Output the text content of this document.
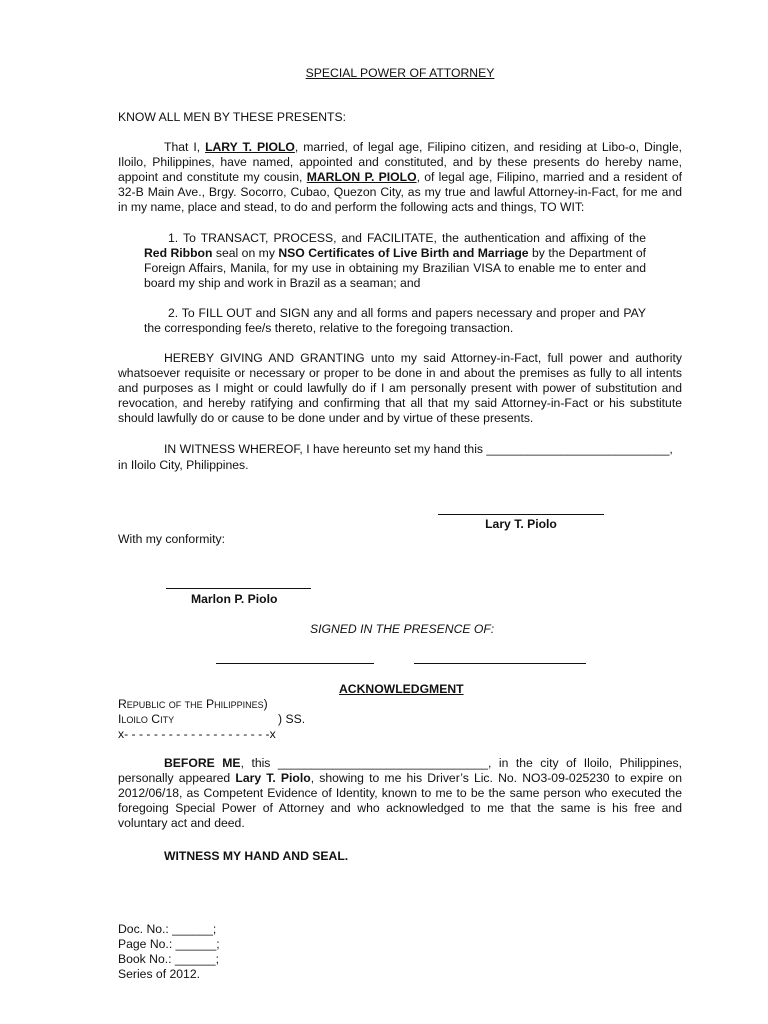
SPECIAL POWER OF ATTORNEY
KNOW ALL MEN BY THESE PRESENTS:

That I, LARY T. PIOLO, married, of legal age, Filipino citizen, and residing at Libo-o, Dingle, Iloilo, Philippines, have named, appointed and constituted, and by these presents do hereby name, appoint and constitute my cousin, MARLON P. PIOLO, of legal age, Filipino, married and a resident of 32-B Main Ave., Brgy. Socorro, Cubao, Quezon City, as my true and lawful Attorney-in-Fact, for me and in my name, place and stead, to do and perform the following acts and things, TO WIT:

1. To TRANSACT, PROCESS, and FACILITATE, the authentication and affixing of the Red Ribbon seal on my NSO Certificates of Live Birth and Marriage by the Department of Foreign Affairs, Manila, for my use in obtaining my Brazilian VISA to enable me to enter and board my ship and work in Brazil as a seaman; and

2. To FILL OUT and SIGN any and all forms and papers necessary and proper and PAY the corresponding fee/s thereto, relative to the foregoing transaction.

HEREBY GIVING AND GRANTING unto my said Attorney-in-Fact, full power and authority whatsoever requisite or necessary or proper to be done in and about the premises as fully to all intents and purposes as I might or could lawfully do if I am personally present with power of substitution and revocation, and hereby ratifying and confirming that all that my said Attorney-in-Fact or his substitute should lawfully do or cause to be done under and by virtue of these presents.

IN WITNESS WHEREOF, I have hereunto set my hand this ___________________________,
in Iloilo City, Philippines.
Lary T. Piolo
With my conformity:
Marlon P. Piolo
SIGNED IN THE PRESENCE OF:
ACKNOWLEDGMENT
Republic of the Philippines)
Iloilo City	) SS.
x- - - - - - - - - - - - - - - - - - - -x

BEFORE ME, this _______________________________, in the city of Iloilo, Philippines, personally appeared Lary T. Piolo, showing to me his Driver’s Lic. No. NO3-09-025230 to expire on 2012/06/18, as Competent Evidence of Identity, known to me to be the same person who executed the foregoing Special Power of Attorney and who acknowledged to me that the same is his free and voluntary act and deed.

WITNESS MY HAND AND SEAL.
Doc. No.: ______;
Page No.: ______;
Book No.: ______;
Series of 2012.
